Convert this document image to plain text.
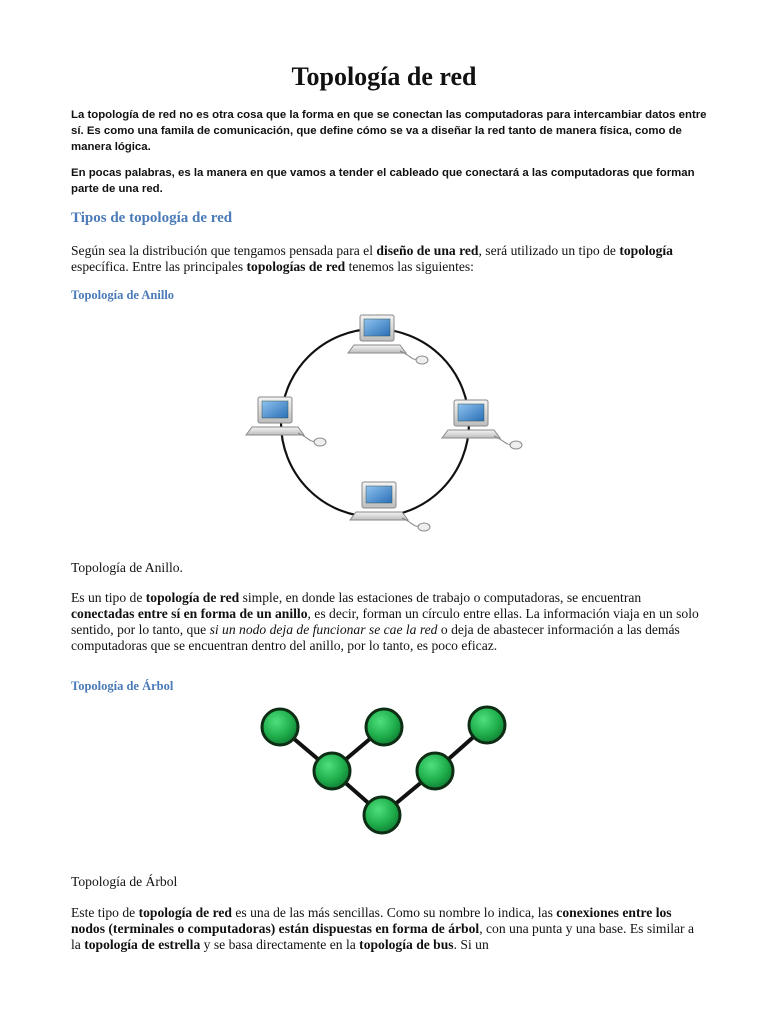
Topología de red

La topología de red no es otra cosa que la forma en que se conectan las computadoras para intercambiar datos entre sí. Es como una famila de comunicación, que define cómo se va a diseñar la red tanto de manera física, como de manera lógica.

En pocas palabras, es la manera en que vamos a tender el cableado que conectará a las computadoras que forman parte de una red.

Tipos de topología de red

Según sea la distribución que tengamos pensada para el diseño de una red, será utilizado un tipo de topología específica. Entre las principales topologías de red tenemos las siguientes:

Topología de Anillo

Topología de Anillo.

Es un tipo de topología de red simple, en donde las estaciones de trabajo o computadoras, se encuentran conectadas entre sí en forma de un anillo, es decir, forman un círculo entre ellas. La información viaja en un solo sentido, por lo tanto, que si un nodo deja de funcionar se cae la red o deja de abastecer información a las demás computadoras que se encuentran dentro del anillo, por lo tanto, es poco eficaz.

Topología de Árbol

Topología de Árbol

Este tipo de topología de red es una de las más sencillas. Como su nombre lo indica, las conexiones entre los nodos (terminales o computadoras) están dispuestas en forma de árbol, con una punta y una base. Es similar a la topología de estrella y se basa directamente en la topología de bus. Si un
